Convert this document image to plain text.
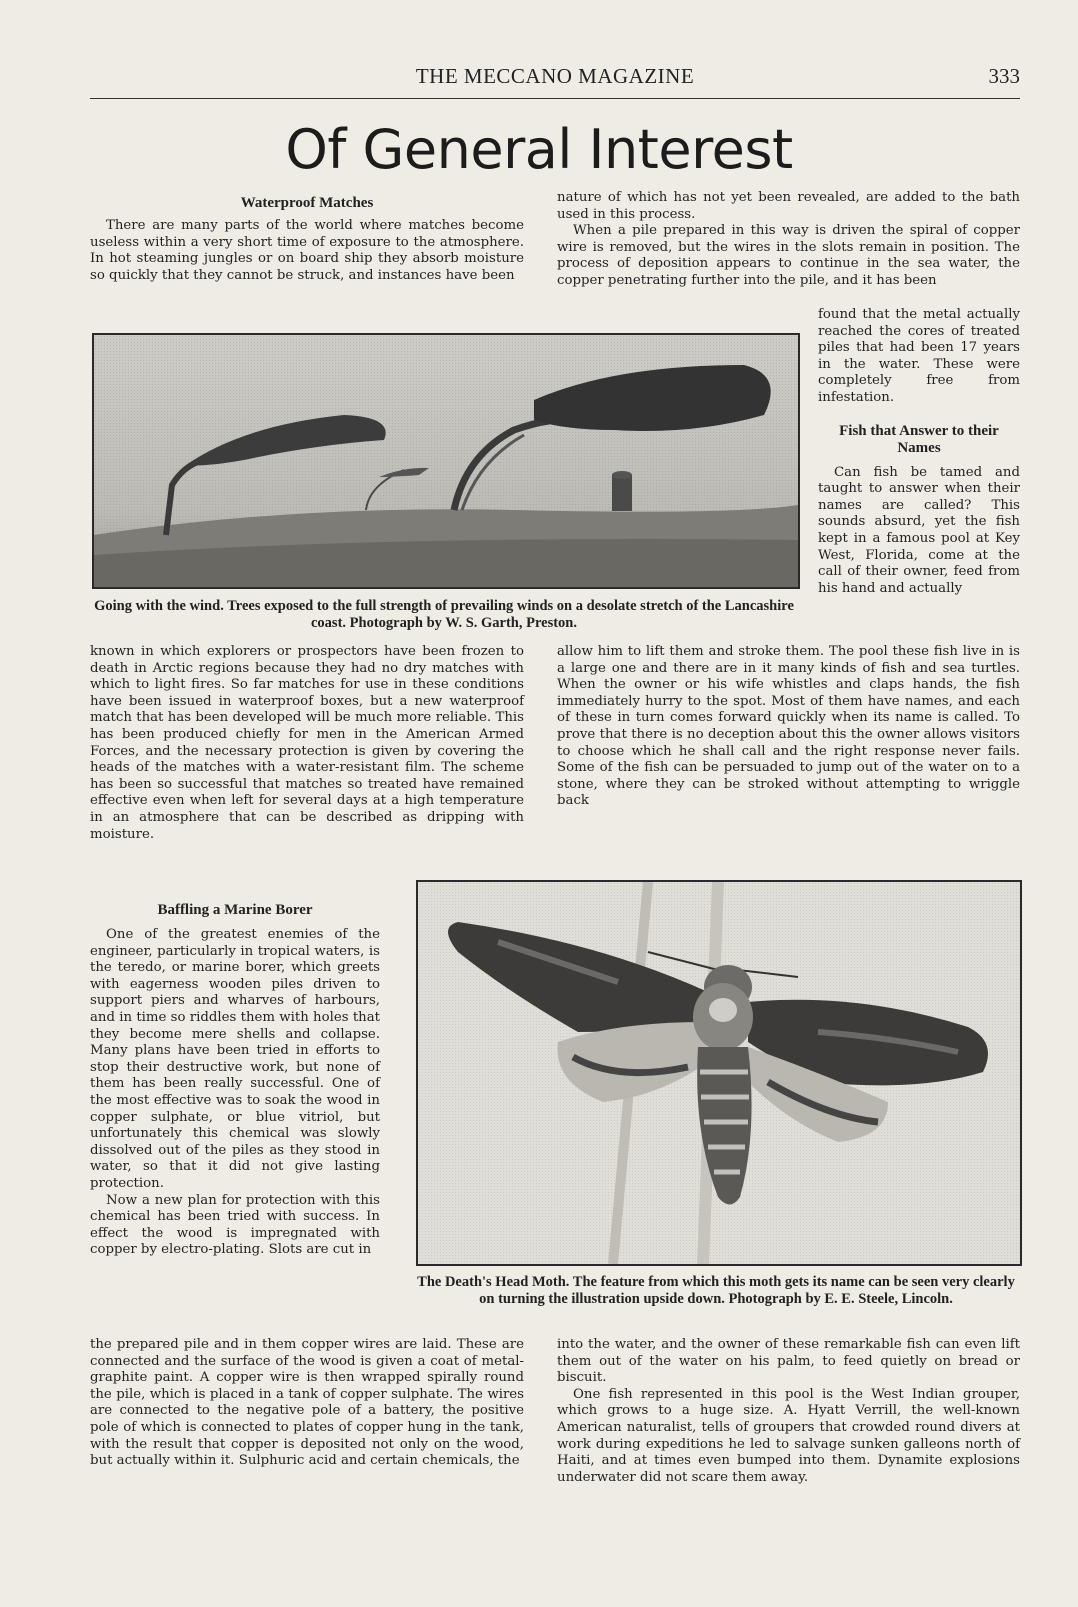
THE MECCANO MAGAZINE	333
Of General Interest
Waterproof Matches

There are many parts of the world where matches become useless within a very short time of exposure to the atmosphere. In hot steaming jungles or on board ship they absorb moisture so quickly that they cannot be struck, and instances have been

nature of which has not yet been revealed, are added to the bath used in this process.

When a pile prepared in this way is driven the spiral of copper wire is removed, but the wires in the slots remain in position. The process of deposition appears to continue in the sea water, the copper penetrating further into the pile, and it has been

Going with the wind. Trees exposed to the full strength of prevailing winds on a desolate stretch of the Lancashire coast. Photograph by W. S. Garth, Preston.

found that the metal actually reached the cores of treated piles that had been 17 years in the water. These were completely free from infestation.

Fish that Answer to their Names

Can fish be tamed and taught to answer when their names are called? This sounds absurd, yet the fish kept in a famous pool at Key West, Florida, come at the call of their owner, feed from his hand and actually

known in which explorers or prospectors have been frozen to death in Arctic regions because they had no dry matches with which to light fires. So far matches for use in these conditions have been issued in waterproof boxes, but a new waterproof match that has been developed will be much more reliable. This has been produced chiefly for men in the American Armed Forces, and the necessary protection is given by covering the heads of the matches with a water-resistant film. The scheme has been so successful that matches so treated have remained effective even when left for several days at a high temperature in an atmosphere that can be described as dripping with moisture.

allow him to lift them and stroke them. The pool these fish live in is a large one and there are in it many kinds of fish and sea turtles. When the owner or his wife whistles and claps hands, the fish immediately hurry to the spot. Most of them have names, and each of these in turn comes forward quickly when its name is called. To prove that there is no deception about this the owner allows visitors to choose which he shall call and the right response never fails. Some of the fish can be persuaded to jump out of the water on to a stone, where they can be stroked without attempting to wriggle back

Baffling a Marine Borer

One of the greatest enemies of the engineer, particularly in tropical waters, is the teredo, or marine borer, which greets with eagerness wooden piles driven to support piers and wharves of harbours, and in time so riddles them with holes that they become mere shells and collapse. Many plans have been tried in efforts to stop their destructive work, but none of them has been really successful. One of the most effective was to soak the wood in copper sulphate, or blue vitriol, but unfortunately this chemical was slowly dissolved out of the piles as they stood in water, so that it did not give lasting protection.

Now a new plan for protection with this chemical has been tried with success. In effect the wood is impregnated with copper by electro-plating. Slots are cut in

The Death's Head Moth. The feature from which this moth gets its name can be seen very clearly on turning the illustration upside down. Photograph by E. E. Steele, Lincoln.

the prepared pile and in them copper wires are laid. These are connected and the surface of the wood is given a coat of metal-graphite paint. A copper wire is then wrapped spirally round the pile, which is placed in a tank of copper sulphate. The wires are connected to the negative pole of a battery, the positive pole of which is connected to plates of copper hung in the tank, with the result that copper is deposited not only on the wood, but actually within it. Sulphuric acid and certain chemicals, the

into the water, and the owner of these remarkable fish can even lift them out of the water on his palm, to feed quietly on bread or biscuit.

One fish represented in this pool is the West Indian grouper, which grows to a huge size. A. Hyatt Verrill, the well-known American naturalist, tells of groupers that crowded round divers at work during expeditions he led to salvage sunken galleons north of Haiti, and at times even bumped into them. Dynamite explosions underwater did not scare them away.
